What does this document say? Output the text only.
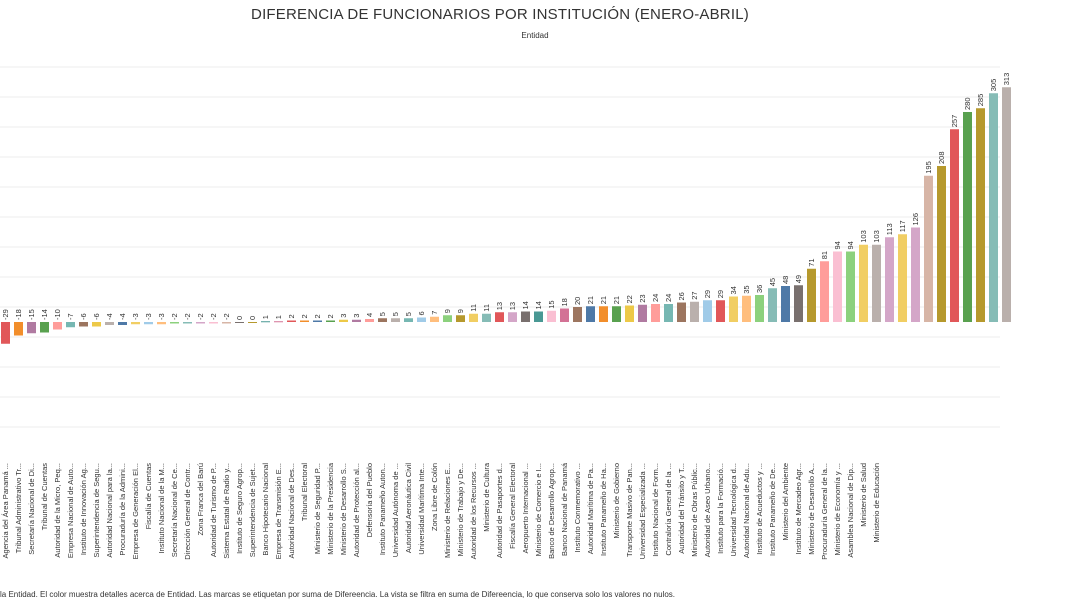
DIFERENCIA DE FUNCIONARIOS POR INSTITUCIÓN (ENERO-ABRIL)
Entidad
-29
Agencia del Área Panamá ...
-18
Tribunal Administrativo Tr...
-15
Secretaría Nacional de Di...
-14
Tribunal de Cuentas
-10
Autoridad de la Micro, Peq...
-7
Empresa Nacional de Auto...
-6
Instituto de Innovación Ag...
-6
Superintendencia de Segu...
-4
Autoridad Nacional para la...
-4
Procuraduría de la Admini...
-3
Empresa de Generación El...
-3
Fiscalía de Cuentas
-3
Instituto Nacional de la M...
-2
Secretaría Nacional de Ce...
-2
Dirección General de Contr...
-2
Zona Franca del Barú
-2
Autoridad de Turismo de P...
-2
Sistema Estatal de Radio y...
0
Instituto de Seguro Agrop...
0
Superintendencia de Sujet...
1
Banco Hipotecario Nacional
1
Empresa de Transmisión E...
2
Autoridad Nacional de Des...
2
Tribunal Electoral
2
Ministerio de Seguridad P...
2
Ministerio de la Presidencia
3
Ministerio de Desarrollo S...
3
Autoridad de Protección al...
4
Defensoría del Pueblo
5
Instituto Panameño Auton...
5
Universidad Autónoma de ...
5
Autoridad Aeronáutica Civil
6
Universidad Marítima Inte...
7
Zona Libre de Colón
9
Ministerio de Relaciones E...
9
Ministerio de Trabajo y De...
11
Autoridad de los Recursos ...
11
Ministerio de Cultura
13
Autoridad de Pasaportes d...
13
Fiscalía General Electoral
14
Aeropuerto Internacional ...
14
Ministerio de Comercio e I...
15
Banco de Desarrollo Agrop...
18
Banco Nacional de Panamá
20
Instituto Conmemorativo ...
21
Autoridad Marítima de Pa...
21
Instituto Panameño de Ha...
21
Ministerio de Gobierno
22
Transporte Masivo de Pan...
23
Universidad Especializada ...
24
Instituto Nacional de Form...
24
Contraloría General de la ...
26
Autoridad del Tránsito y T...
27
Ministerio de Obras Públic...
29
Autoridad de Aseo Urbano...
29
Instituto para la Formació...
34
Universidad Tecnológica d...
35
Autoridad Nacional de Adu...
36
Instituto de Acueductos y ...
45
Instituto Panameño de De...
48
Ministerio del Ambiente
49
Instituto de Mercadeo Agr...
71
Ministerio de Desarrollo A...
81
Procuraduría General de la...
94
Ministerio de Economía y ...
94
Asamblea Nacional de Dip...
103
Ministerio de Salud
103
Ministerio de Educación
113 117
126
195
208
257
280 285
305 313
la Entidad. El color muestra detalles acerca de Entidad. Las marcas se etiquetan por suma de Difereencia. La vista se filtra en suma de Difereencia, lo que conserva solo los valores no nulos.
